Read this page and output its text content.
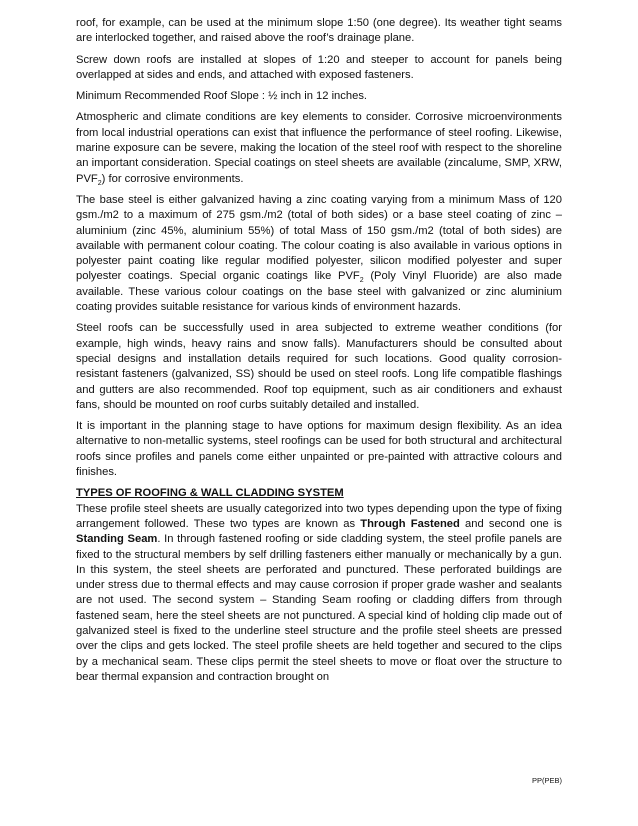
roof, for example, can be used at the minimum slope 1:50 (one degree). Its weather tight seams are interlocked together, and raised above the roof’s drainage plane.

Screw down roofs are installed at slopes of 1:20 and steeper to account for panels being overlapped at sides and ends, and attached with exposed fasteners.

Minimum Recommended Roof Slope : ½ inch in 12 inches.

Atmospheric and climate conditions are key elements to consider. Corrosive microenvironments from local industrial operations can exist that influence the performance of steel roofing. Likewise, marine exposure can be severe, making the location of the steel roof with respect to the shoreline an important consideration. Special coatings on steel sheets are available (zincalume, SMP, XRW, $PVF_2$) for corrosive environments.

The base steel is either galvanized having a zinc coating varying from a minimum Mass of 120 gsm./m2 to a maximum of 275 gsm./m2 (total of both sides) or a base steel coating of zinc – aluminium (zinc 45%, aluminium 55%) of total Mass of 150 gsm./m2 (total of both sides) are available with permanent colour coating. The colour coating is also available in various options in polyester paint coating like regular modified polyester, silicon modified polyester and super polyester coatings. Special organic coatings like $PVF_2$ (Poly Vinyl Fluoride) are also made available. These various colour coatings on the base steel with galvanized or zinc aluminium coating provides suitable resistance for various kinds of environment hazards.

Steel roofs can be successfully used in area subjected to extreme weather conditions (for example, high winds, heavy rains and snow falls). Manufacturers should be consulted about special designs and installation details required for such locations. Good quality corrosion-resistant fasteners (galvanized, SS) should be used on steel roofs. Long life compatible flashings and gutters are also recommended. Roof top equipment, such as air conditioners and exhaust fans, should be mounted on roof curbs suitably detailed and installed.

It is important in the planning stage to have options for maximum design flexibility. As an idea alternative to non-metallic systems, steel roofings can be used for both structural and architectural roofs since profiles and panels come either unpainted or pre-painted with attractive colours and finishes.

TYPES OF ROOFING & WALL CLADDING SYSTEM

These profile steel sheets are usually categorized into two types depending upon the type of fixing arrangement followed. These two types are known as Through Fastened and second one is Standing Seam. In through fastened roofing or side cladding system, the steel profile panels are fixed to the structural members by self drilling fasteners either manually or mechanically by a gun. In this system, the steel sheets are perforated and punctured. These perforated buildings are under stress due to thermal effects and may cause corrosion if proper grade washer and sealants are not used. The second system – Standing Seam roofing or cladding differs from through fastened seam, here the steel sheets are not punctured. A special kind of holding clip made out of galvanized steel is fixed to the underline steel structure and the profile steel sheets are pressed over the clips and gets locked. The steel profile sheets are held together and secured to the clips by a mechanical seam. These clips permit the steel sheets to move or float over the structure to bear thermal expansion and contraction brought on

PP(PEB)
